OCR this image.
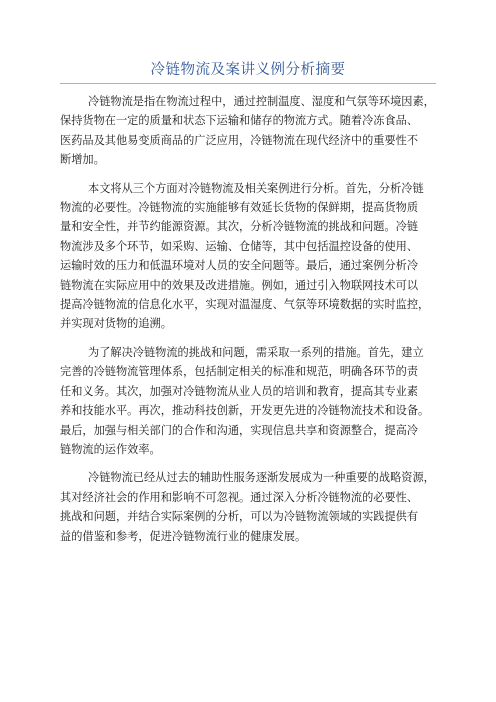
冷链物流及案讲义例分析摘要

冷链物流是指在物流过程中，通过控制温度、湿度和气氛等环境因素，
保持货物在一定的质量和状态下运输和储存的物流方式。随着冷冻食品、
医药品及其他易变质商品的广泛应用，冷链物流在现代经济中的重要性不
断增加。

本文将从三个方面对冷链物流及相关案例进行分析。首先，分析冷链
物流的必要性。冷链物流的实施能够有效延长货物的保鲜期，提高货物质
量和安全性，并节约能源资源。其次，分析冷链物流的挑战和问题。冷链
物流涉及多个环节，如采购、运输、仓储等，其中包括温控设备的使用、
运输时效的压力和低温环境对人员的安全问题等。最后，通过案例分析冷
链物流在实际应用中的效果及改进措施。例如，通过引入物联网技术可以
提高冷链物流的信息化水平，实现对温湿度、气氛等环境数据的实时监控，
并实现对货物的追溯。

为了解决冷链物流的挑战和问题，需采取一系列的措施。首先，建立
完善的冷链物流管理体系，包括制定相关的标准和规范，明确各环节的责
任和义务。其次，加强对冷链物流从业人员的培训和教育，提高其专业素
养和技能水平。再次，推动科技创新，开发更先进的冷链物流技术和设备。
最后，加强与相关部门的合作和沟通，实现信息共享和资源整合，提高冷
链物流的运作效率。

冷链物流已经从过去的辅助性服务逐渐发展成为一种重要的战略资源，
其对经济社会的作用和影响不可忽视。通过深入分析冷链物流的必要性、
挑战和问题，并结合实际案例的分析，可以为冷链物流领域的实践提供有
益的借鉴和参考，促进冷链物流行业的健康发展。
